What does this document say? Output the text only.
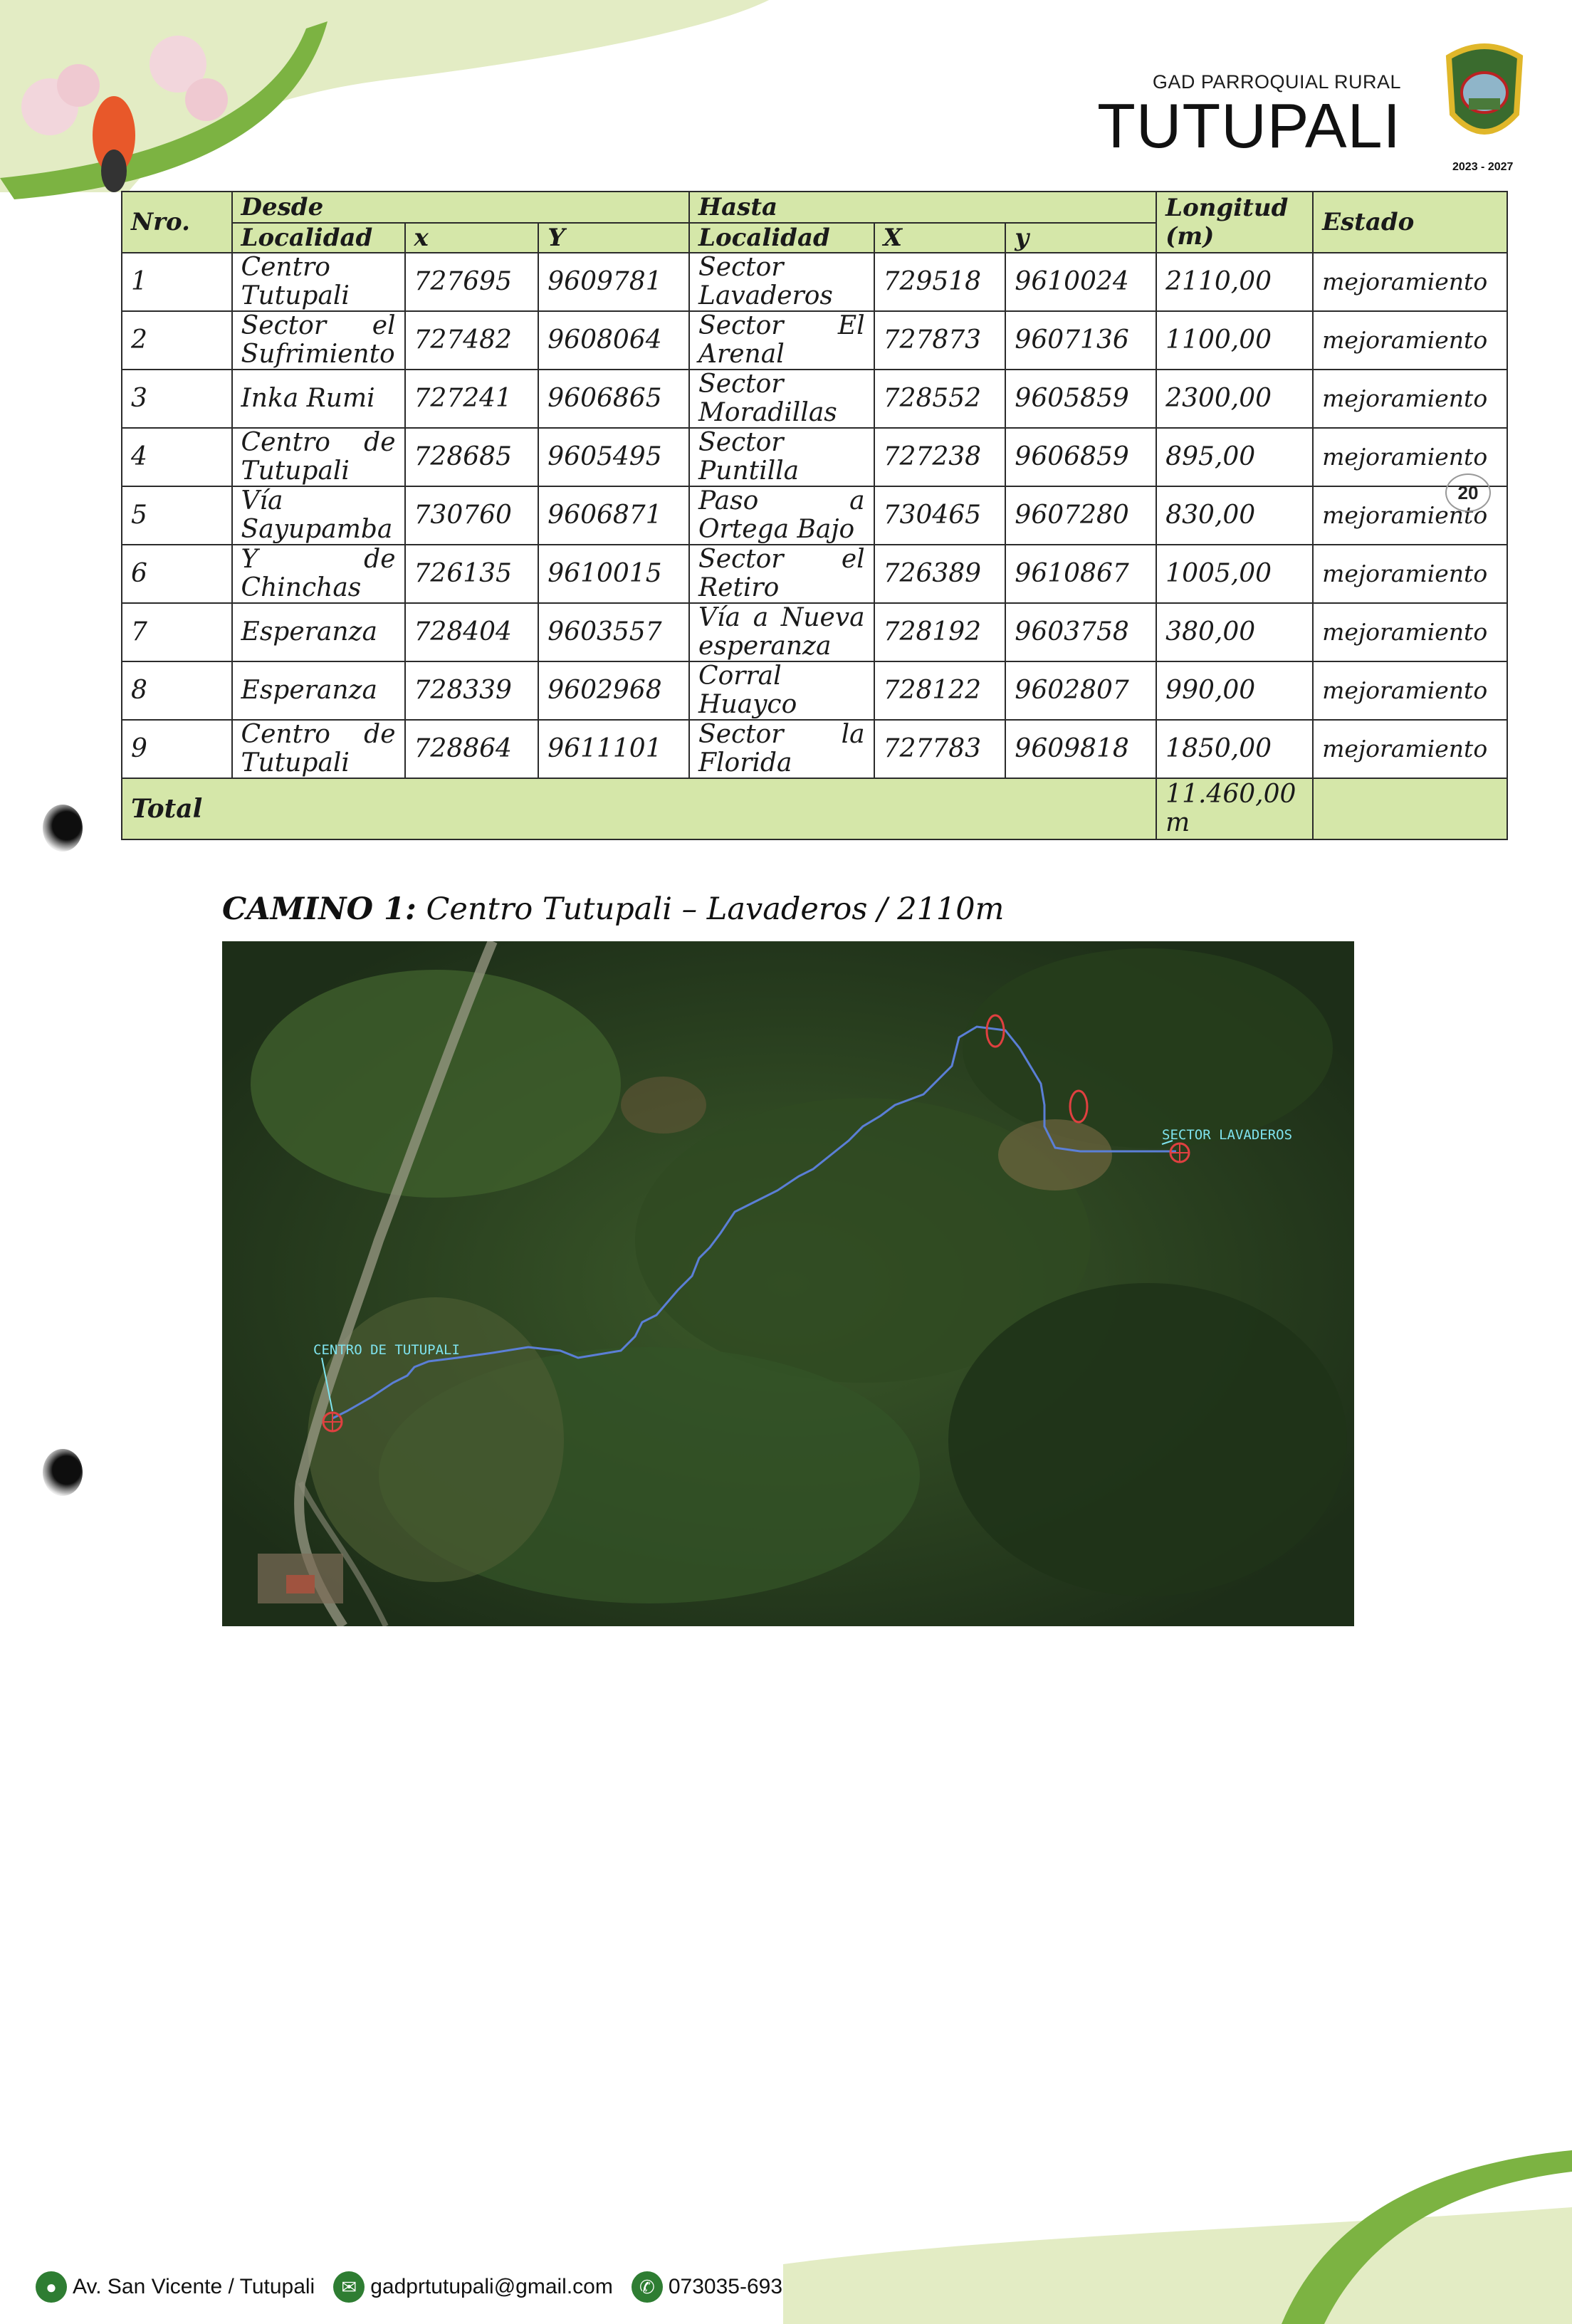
GAD PARROQUIAL RURAL
TUTUPALI
2023 - 2027
Nro.	Desde			Hasta			Longitud (m)	Estado
	Localidad	x	Y	Localidad	X	y		
1	Centro Tutupali	727695	9609781	Sector Lavaderos	729518	9610024	2110,00	mejoramiento
2	Sector el Sufrimiento	727482	9608064	Sector El Arenal	727873	9607136	1100,00	mejoramiento
3	Inka Rumi	727241	9606865	Sector Moradillas	728552	9605859	2300,00	mejoramiento
4	Centro de Tutupali	728685	9605495	Sector Puntilla	727238	9606859	895,00	mejoramiento
5	Vía Sayupamba	730760	9606871	Paso a Ortega Bajo	730465	9607280	830,00	mejoramiento
6	Y de Chinchas	726135	9610015	Sector el Retiro	726389	9610867	1005,00	mejoramiento
7	Esperanza	728404	9603557	Vía a Nueva esperanza	728192	9603758	380,00	mejoramiento
8	Esperanza	728339	9602968	Corral Huayco	728122	9602807	990,00	mejoramiento
9	Centro de Tutupali	728864	9611101	Sector la Florida	727783	9609818	1850,00	mejoramiento
Total							11.460,00 m	
20
CAMINO 1: Centro Tutupali – Lavaderos / 2110m
CENTRO DE TUTUPALI
SECTOR LAVADEROS
● Av. San Vicente / Tutupali	✉ gadprtutupali@gmail.com	✆ 073035-693
